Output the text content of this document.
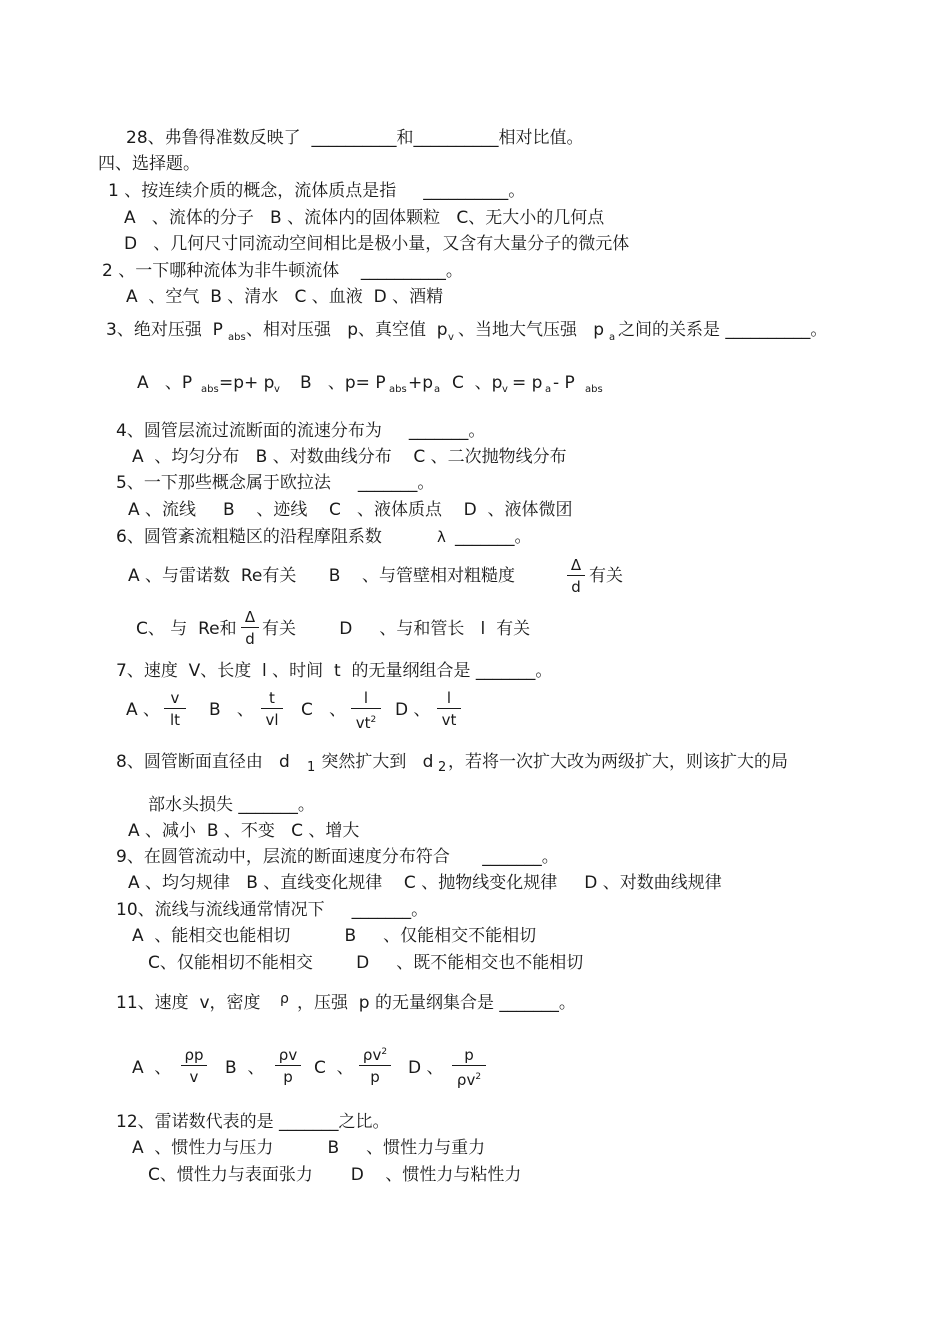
28、弗鲁得准数反映了  __________和__________相对比值。
四、选择题。
1 、按连续介质的概念，流体质点是指     __________。
A   、流体的分子   B 、流体内的固体颗粒   C、无大小的几何点
D   、几何尺寸同流动空间相比是极小量，又含有大量分子的微元体
2 、一下哪种流体为非牛顿流体    __________。
A  、空气  B 、清水   C 、血液  D 、酒精
3、绝对压强  P abs 、相对压强   p、真空值  p v 、当地大气压强   p a 之间的关系是 __________。
A   、P abs =p+ p v B   、p= P abs +p a C  、p v = p a - P abs
4、圆管层流过流断面的流速分布为     _______。
A  、均匀分布   B 、对数曲线分布    C 、二次抛物线分布
5、一下那些概念属于欧拉法     _______。
A 、流线     B    、迹线    C   、液体质点    D  、液体微团
6、圆管紊流粗糙区的沿程摩阻系数	λ _______。
A 、与雷诺数  Re有关      B    、与管壁相对粗糙度
Δ
d
有关
C、 与  Re和
Δ
d 有关        D     、与和管长   l  有关
7、速度  V、长度  l 、时间  t  的无量纲组合是 _______。
A 、
v
lt	B   、
t
vl C   、
l
$vt^2$ D 、
l
vt
8、圆管断面直径由   d 1 突然扩大到   d 2 ，若将一次扩大改为两级扩大，则该扩大的局
部水头损失 _______。
A 、减小  B 、不变   C 、增大
9、在圆管流动中，层流的断面速度分布符合      _______。
A 、均匀规律   B 、直线变化规律    C 、抛物线变化规律     D 、对数曲线规律
10、流线与流线通常情况下     _______。
A  、能相交也能相切          B     、仅能相交不能相切
C、仅能相切不能相交        D     、既不能相交也不能相切
11、速度  v，密度 ρ ，压强  p 的无量纲集合是 _______。
A  、
ρp
v	B  、
ρv
p	C  、
$\rho v^2$
p	D 、
p
$\rho v^2$
12、雷诺数代表的是 _______之比。
A  、惯性力与压力          B     、惯性力与重力
C、惯性力与表面张力       D    、惯性力与粘性力
